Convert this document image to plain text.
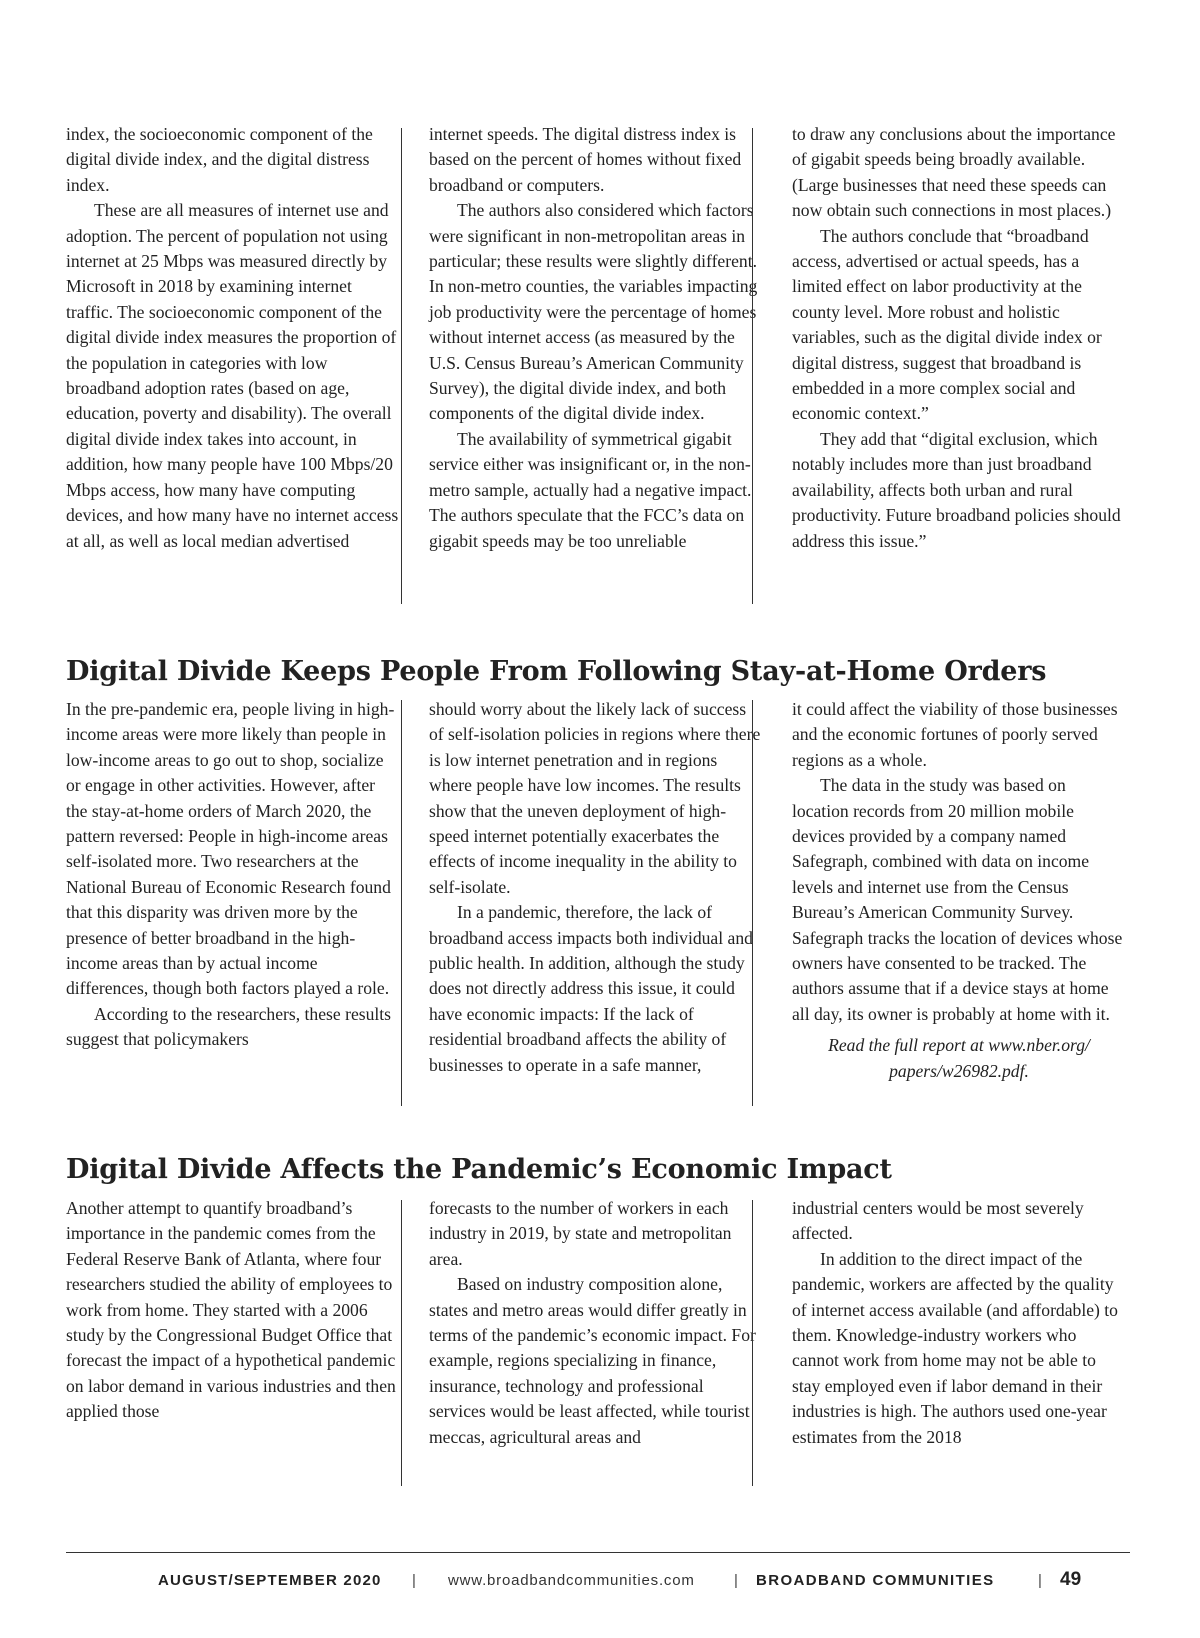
index, the socioeconomic component of the digital divide index, and the digital distress index.

These are all measures of internet use and adoption. The percent of population not using internet at 25 Mbps was measured directly by Microsoft in 2018 by examining internet traffic. The socioeconomic component of the digital divide index measures the proportion of the population in categories with low broadband adoption rates (based on age, education, poverty and disability). The overall digital divide index takes into account, in addition, how many people have 100 Mbps/20 Mbps access, how many have computing devices, and how many have no internet access at all, as well as local median advertised

internet speeds. The digital distress index is based on the percent of homes without fixed broadband or computers.

The authors also considered which factors were significant in non-metropolitan areas in particular; these results were slightly different. In non-metro counties, the variables impacting job productivity were the percentage of homes without internet access (as measured by the U.S. Census Bureau’s American Community Survey), the digital divide index, and both components of the digital divide index.

The availability of symmetrical gigabit service either was insignificant or, in the non-metro sample, actually had a negative impact. The authors speculate that the FCC’s data on gigabit speeds may be too unreliable

to draw any conclusions about the importance of gigabit speeds being broadly available. (Large businesses that need these speeds can now obtain such connections in most places.)

The authors conclude that “broadband access, advertised or actual speeds, has a limited effect on labor productivity at the county level. More robust and holistic variables, such as the digital divide index or digital distress, suggest that broadband is embedded in a more complex social and economic context.”

They add that “digital exclusion, which notably includes more than just broadband availability, affects both urban and rural productivity. Future broadband policies should address this issue.”

Digital Divide Keeps People From Following Stay-at-Home Orders

In the pre-pandemic era, people living in high-income areas were more likely than people in low-income areas to go out to shop, socialize or engage in other activities. However, after the stay-at-home orders of March 2020, the pattern reversed: People in high-income areas self-isolated more. Two researchers at the National Bureau of Economic Research found that this disparity was driven more by the presence of better broadband in the high-income areas than by actual income differences, though both factors played a role.

According to the researchers, these results suggest that policymakers

should worry about the likely lack of success of self-isolation policies in regions where there is low internet penetration and in regions where people have low incomes. The results show that the uneven deployment of high-speed internet potentially exacerbates the effects of income inequality in the ability to self-isolate.

In a pandemic, therefore, the lack of broadband access impacts both individual and public health. In addition, although the study does not directly address this issue, it could have economic impacts: If the lack of residential broadband affects the ability of businesses to operate in a safe manner,

it could affect the viability of those businesses and the economic fortunes of poorly served regions as a whole.

The data in the study was based on location records from 20 million mobile devices provided by a company named Safegraph, combined with data on income levels and internet use from the Census Bureau’s American Community Survey. Safegraph tracks the location of devices whose owners have consented to be tracked. The authors assume that if a device stays at home all day, its owner is probably at home with it.

Read the full report at www.nber.org/ papers/w26982.pdf.

Digital Divide Affects the Pandemic’s Economic Impact

Another attempt to quantify broadband’s importance in the pandemic comes from the Federal Reserve Bank of Atlanta, where four researchers studied the ability of employees to work from home. They started with a 2006 study by the Congressional Budget Office that forecast the impact of a hypothetical pandemic on labor demand in various industries and then applied those

forecasts to the number of workers in each industry in 2019, by state and metropolitan area.

Based on industry composition alone, states and metro areas would differ greatly in terms of the pandemic’s economic impact. For example, regions specializing in finance, insurance, technology and professional services would be least affected, while tourist meccas, agricultural areas and

industrial centers would be most severely affected.

In addition to the direct impact of the pandemic, workers are affected by the quality of internet access available (and affordable) to them. Knowledge-industry workers who cannot work from home may not be able to stay employed even if labor demand in their industries is high. The authors used one-year estimates from the 2018

AUGUST/SEPTEMBER 2020 | www.broadbandcommunities.com	| BROADBAND COMMUNITIES	| 49
